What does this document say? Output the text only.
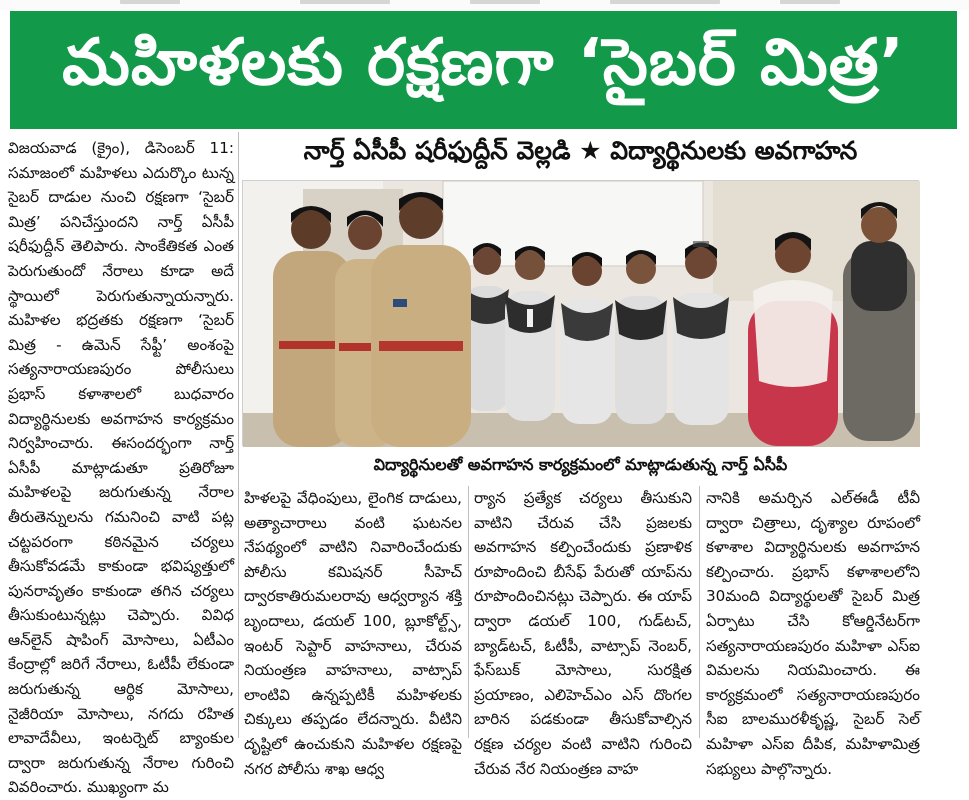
మహిళలకు రక్షణగా ‘సైబర్ మిత్ర’
నార్త్ ఏసీపీ షరీఫుద్దీన్ వెల్లడి ★ విద్యార్థినులకు అవగాహన
విద్యార్థినులతో అవగాహన కార్యక్రమంలో మాట్లాడుతున్న నార్త్ ఏసీపీ
విజయవాడ (క్రైం), డిసెంబర్ 11: సమాజంలో మహిళలు ఎదుర్కొం టున్న సైబర్ దాడుల నుంచి రక్షణగా ‘సైబర్ మిత్ర’ పనిచేస్తుందని నార్త్ ఏసీపీ షరీఫుద్దీన్ తెలిపారు. సాంకేతికత ఎంత పెరుగుతుందో నేరాలు కూడా అదే స్థాయిలో పెరుగుతున్నాయన్నారు. మహిళల భద్రతకు రక్షణగా ‘సైబర్ మిత్ర - ఉమెన్ సేఫ్టీ’ అంశంపై సత్యనారాయణపురం పోలీసులు ప్రభాస్ కళాశాలలో బుధవారం విద్యార్థినులకు అవగాహన కార్యక్రమం నిర్వహించారు. ఈసందర్భంగా నార్త్ ఏసీపీ మాట్లాడుతూ ప్రతిరోజూ మహిళలపై జరుగుతున్న నేరాల తీరుతెన్నులను గమనించి వాటి పట్ల చట్టపరంగా కఠినమైన చర్యలు తీసుకోవడమే కాకుండా భవిష్యత్తులో పునరావృతం కాకుండా తగిన చర్యలు తీసుకుంటున్నట్లు చెప్పారు. వివిధ ఆన్‌లైన్ షాపింగ్ మోసాలు, ఏటీఎం కేంద్రాల్లో జరిగే నేరాలు, ఓటీపీ లేకుండా జరుగుతున్న ఆర్థిక మోసాలు, నైజీరియా మోసాలు, నగదు రహిత లావాదేవీలు, ఇంటర్నెట్ బ్యాంకుల ద్వారా జరుగుతున్న నేరాల గురించి వివరించారు. ముఖ్యంగా మ
హిళలపై వేధింపులు, లైంగిక దాడులు, అత్యాచారాలు వంటి ఘటనల నేపథ్యంలో వాటిని నివారించేందుకు పోలీసు కమిషనర్ సీహెచ్ ద్వారకాతిరుమలరావు ఆధ్వర్యాన శక్తి బృందాలు, డయల్ 100, బ్లూకోల్ట్స్, ఇంటర్ సెప్టార్ వాహనాలు, చేరువ నియంత్రణ వాహనాలు, వాట్సాప్ లాంటివి ఉన్నప్పటికీ మహిళలకు చిక్కులు తప్పడం లేదన్నారు. వీటిని దృష్టిలో ఉంచుకుని మహిళల రక్షణపై నగర పోలీసు శాఖ ఆధ్వ
ర్యాన ప్రత్యేక చర్యలు తీసుకుని వాటిని చేరువ చేసి ప్రజలకు అవగాహన కల్పించేందుకు ప్రణాళిక రూపొందించి బీసేఫ్ పేరుతో యాప్‌ను రూపొందించినట్లు చెప్పారు. ఈ యాప్ ద్వారా డయల్ 100, గుడ్‌టచ్, బ్యాడ్‌టచ్, ఓటీపీ, వాట్సాప్ నెంబర్, ఫేస్‌బుక్ మోసాలు, సురక్షిత ప్రయాణం, ఎలిహెచ్‌ఎం ఎస్ దొంగల బారిన పడకుండా తీసుకోవాల్సిన రక్షణ చర్యల వంటి వాటిని గురించి చేరువ నేర నియంత్రణ వాహ
నానికి అమర్చిన ఎల్‌ఈడీ టీవీ ద్వారా చిత్రాలు, దృశ్యాల రూపంలో కళాశాల విద్యార్థినులకు అవగాహన కల్పించారు. ప్రభాస్ కళాశాలలోని 30మంది విద్యార్థులతో సైబర్ మిత్ర ఏర్పాటు చేసి కోఆర్డినేటర్‌గా సత్యనారాయణపురం మహిళా ఎస్ఐ విమలను నియమించారు. ఈ కార్యక్రమంలో సత్యనారాయణపురం సీఐ బాలమురళీకృష్ణ, సైబర్ సెల్ మహిళా ఎస్ఐ దీపిక, మహిళామిత్ర సభ్యులు పాల్గొన్నారు.
